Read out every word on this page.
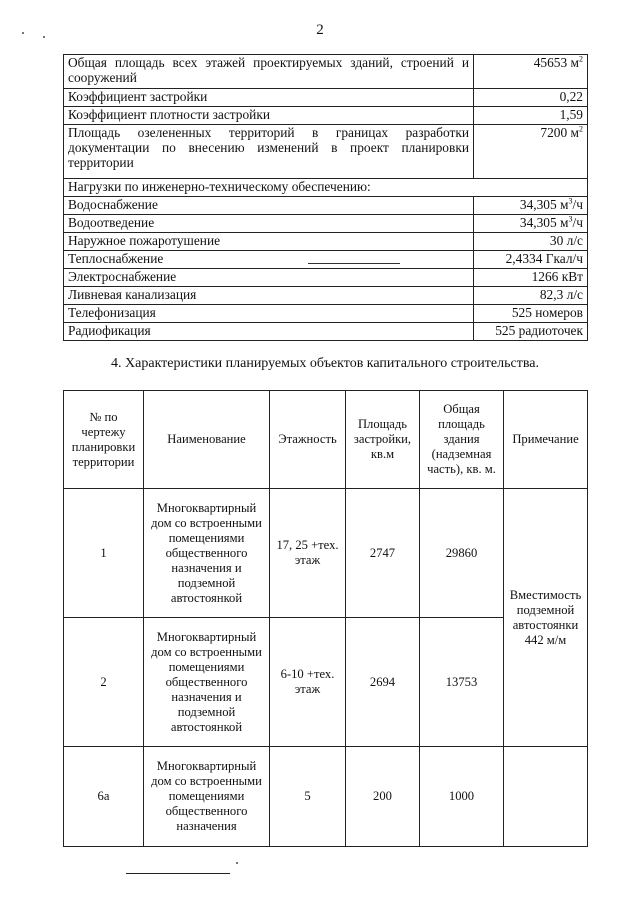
2
Общая площадь всех этажей проектируемых зданий, строений и сооружений	45653 $м^2$
Коэффициент застройки	0,22
Коэффициент плотности застройки	1,59
Площадь озелененных территорий в границах разработки документации по внесению изменений в проект планировки территории	7200 $м^2$
Нагрузки по инженерно-техническому обеспечению:	
Водоснабжение	34,305 $м^3/ч$
Водоотведение	34,305 $м^3/ч$
Наружное пожаротушение	30 л/с
Теплоснабжение	2,4334 Гкал/ч
Электроснабжение	1266 кВт
Ливневая канализация	82,3 л/с
Телефонизация	525 номеров
Радиофикация	525 радиоточек
4. Характеристики планируемых объектов капитального строительства.
№ по чертежу планировки территории	Наименование	Этажность	Площадь застройки, кв.м	Общая площадь здания (надземная часть), кв. м.	Примечание
1	Многоквартирный дом со встроенными помещениями общественного назначения и подземной автостоянкой	17, 25 +тех. этаж	2747	29860	Вместимость подземной автостоянки 442 м/м
2	Многоквартирный дом со встроенными помещениями общественного назначения и подземной автостоянкой	6-10 +тех. этаж	2694	13753	
6а	Многоквартирный дом со встроенными помещениями общественного назначения	5	200	1000	
